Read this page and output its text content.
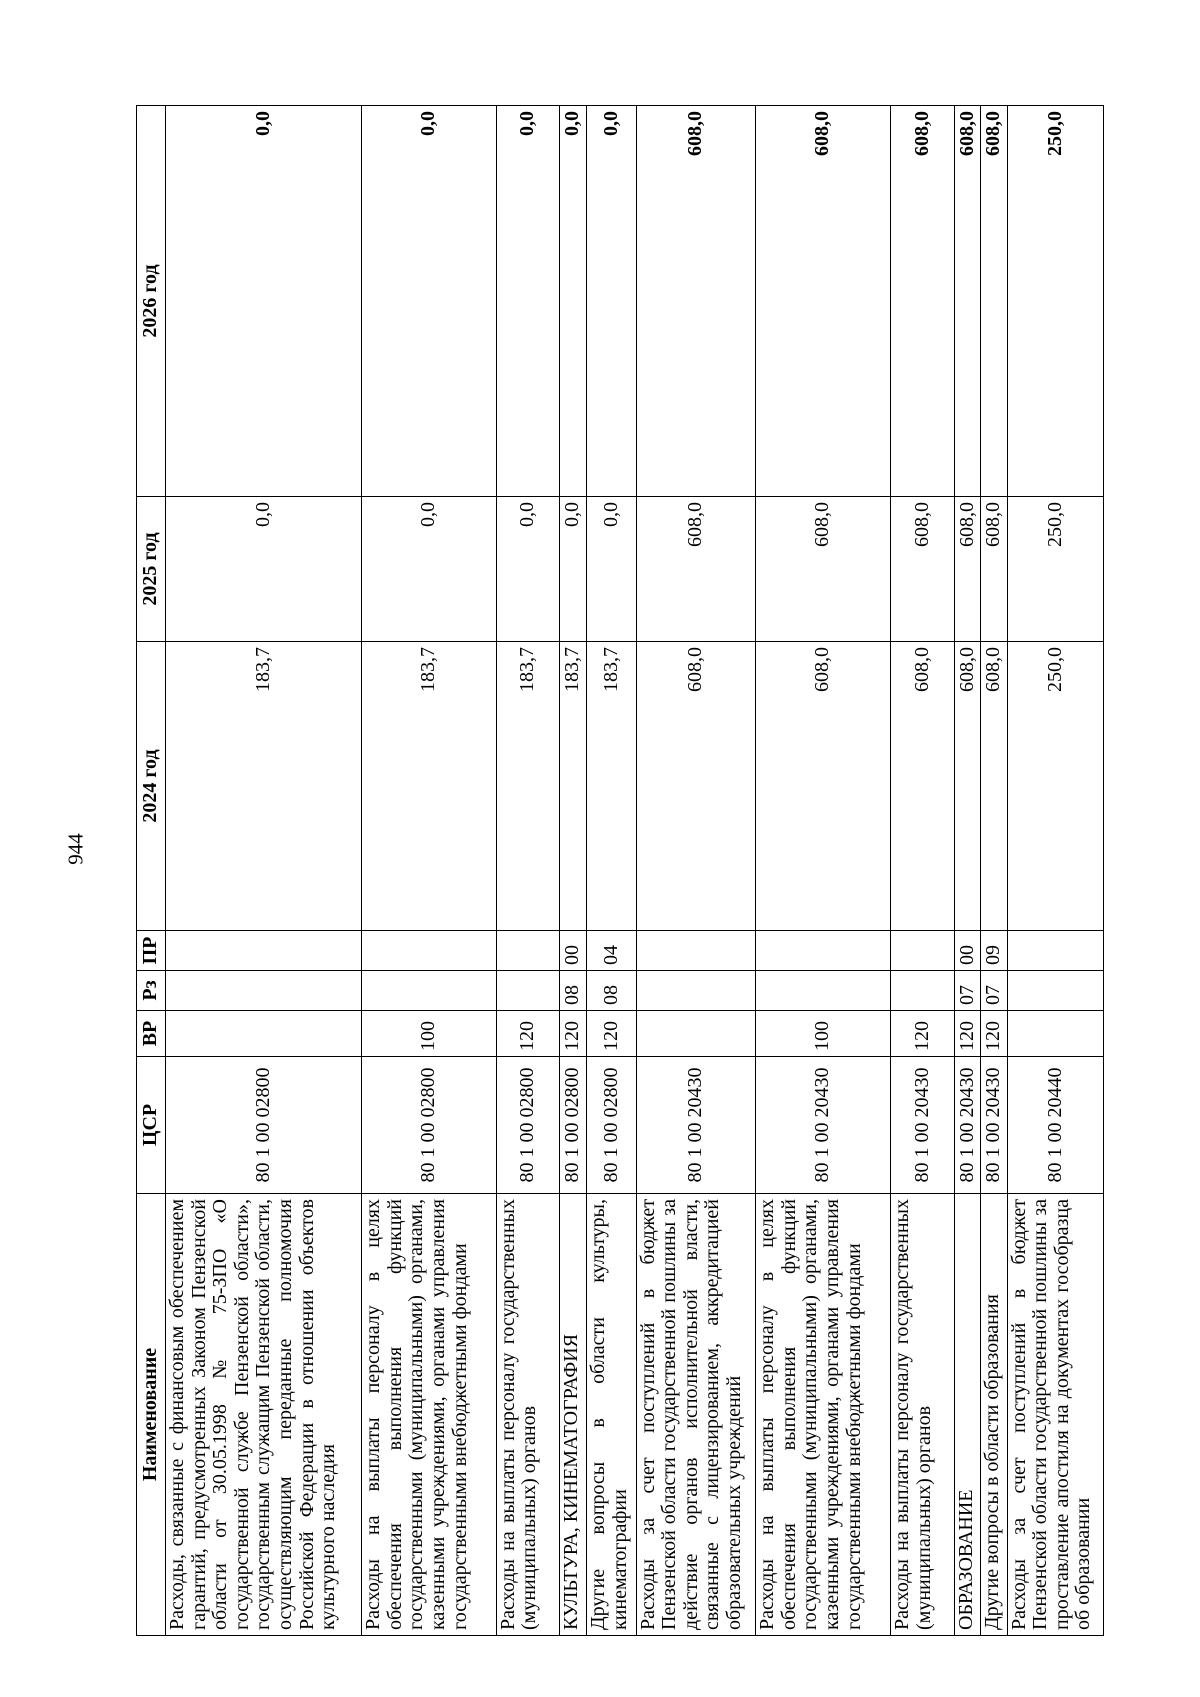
944
Наименование	ЦСР	ВР	Рз	ПР	2024 год	2025 год	2026 год
Расходы, связанные с финансовым обеспечением гарантий, предусмотренных Законом Пензенской области от 30.05.1998 № 75-ЗПО «О государственной службе Пензенской области», государственным служащим Пензенской области, осуществляющим переданные полномочия Российской Федерации в отношении объектов культурного наследия	80 1 00 02800				183,7	0,0	0,0
Расходы на выплаты персоналу в целях обеспечения выполнения функций государственными (муниципальными) органами, казенными учреждениями, органами управления государственными внебюджетными фондами	80 1 00 02800	100			183,7	0,0	0,0
Расходы на выплаты персоналу государственных (муниципальных) органов	80 1 00 02800	120			183,7	0,0	0,0
КУЛЬТУРА, КИНЕМАТОГРАФИЯ	80 1 00 02800	120	08	00	183,7	0,0	0,0
Другие вопросы в области культуры, кинематографии	80 1 00 02800	120	08	04	183,7	0,0	0,0
Расходы за счет поступлений в бюджет Пензенской области государственной пошлины за действие органов исполнительной власти, связанные с лицензированием, аккредитацией образовательных учреждений	80 1 00 20430				608,0	608,0	608,0
Расходы на выплаты персоналу в целях обеспечения выполнения функций государственными (муниципальными) органами, казенными учреждениями, органами управления государственными внебюджетными фондами	80 1 00 20430	100			608,0	608,0	608,0
Расходы на выплаты персоналу государственных (муниципальных) органов	80 1 00 20430	120			608,0	608,0	608,0
ОБРАЗОВАНИЕ	80 1 00 20430	120	07	00	608,0	608,0	608,0
Другие вопросы в области образования	80 1 00 20430	120	07	09	608,0	608,0	608,0
Расходы за счет поступлений в бюджет Пензенской области государственной пошлины за проставление апостиля на документах гособразца об образовании	80 1 00 20440				250,0	250,0	250,0
